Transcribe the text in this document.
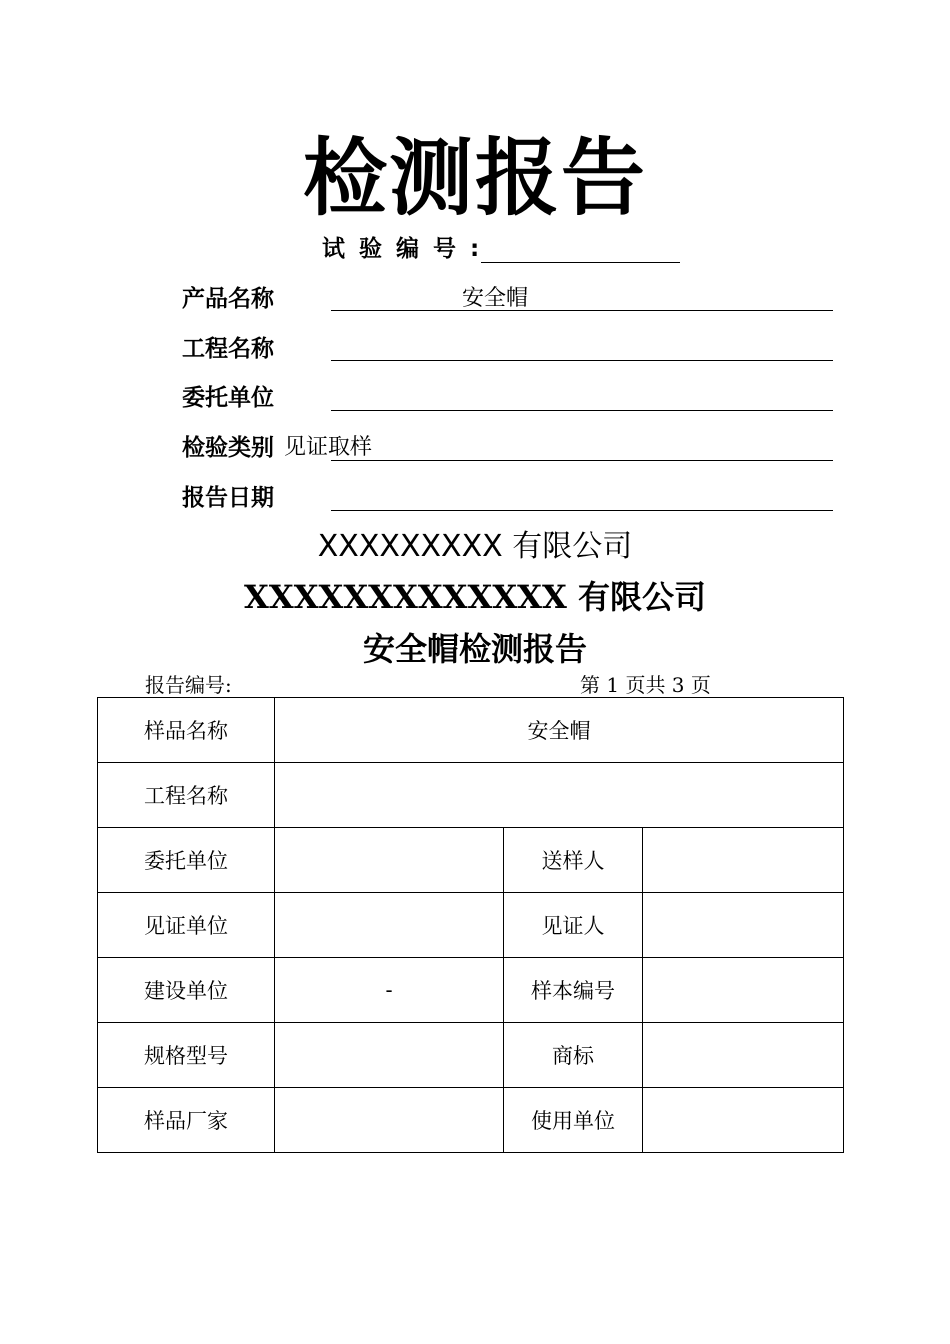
检测报告
试验编号:
产品名称	安全帽
工程名称
委托单位
检验类别 见证取样
报告日期
XXXXXXXXX 有限公司
XXXXXXXXXXXXX 有限公司
安全帽检测报告
报告编号:	第 1 页共 3 页
样品名称	安全帽		
工程名称			
委托单位		送样人	
见证单位		见证人	
建设单位	-	样本编号	
规格型号		商标	
样品厂家		使用单位	
